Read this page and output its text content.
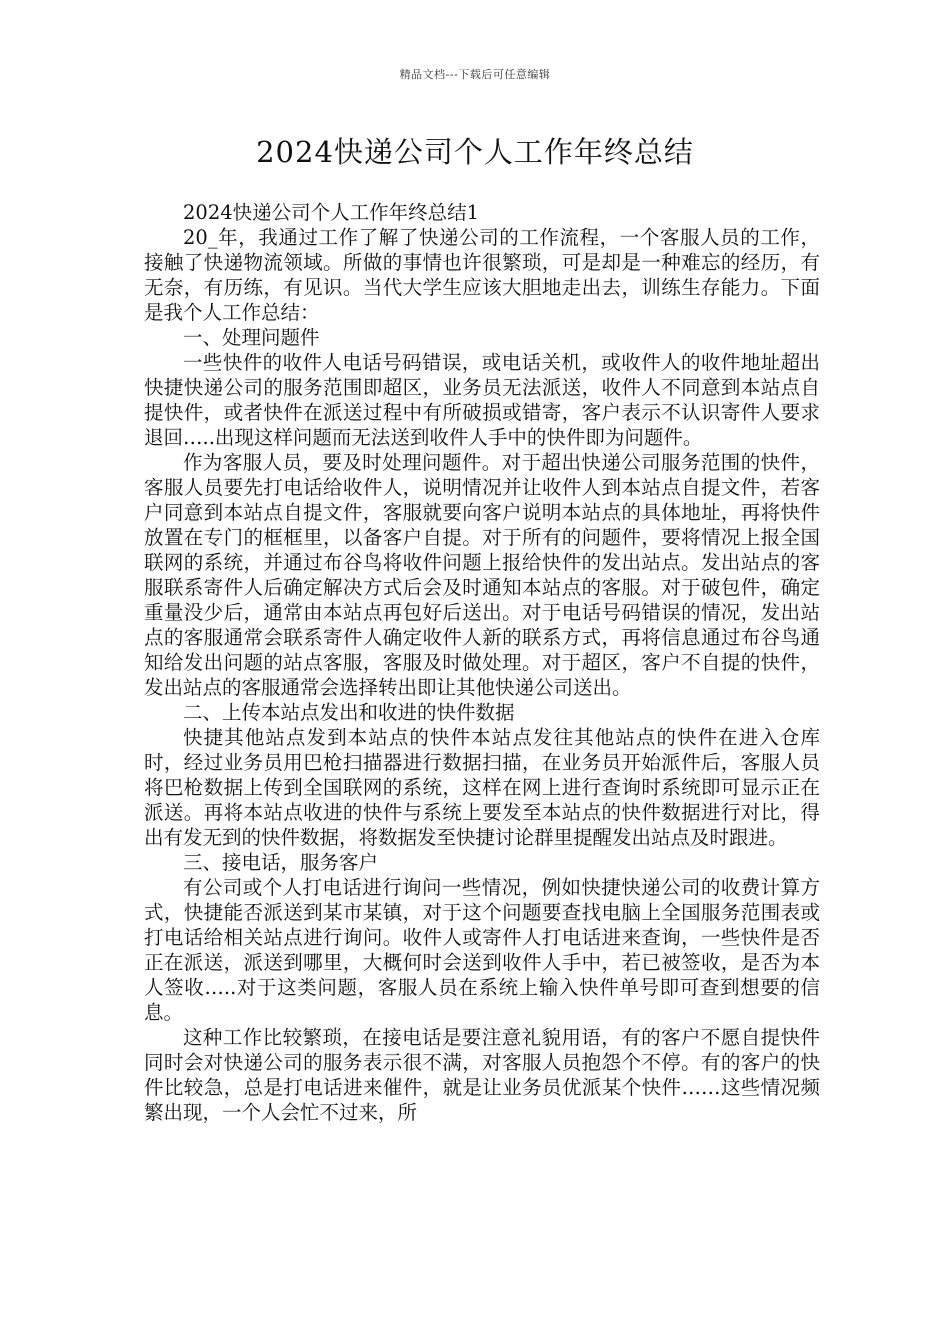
精品文档---下载后可任意编辑
2024快递公司个人工作年终总结

2024快递公司个人工作年终总结1

20_年，我通过工作了解了快递公司的工作流程，一个客服人员的工作，接触了快递物流领域。所做的事情也许很繁琐，可是却是一种难忘的经历，有无奈，有历练，有见识。当代大学生应该大胆地走出去，训练生存能力。下面是我个人工作总结：

一、处理问题件

一些快件的收件人电话号码错误，或电话关机，或收件人的收件地址超出快捷快递公司的服务范围即超区，业务员无法派送，收件人不同意到本站点自提快件，或者快件在派送过程中有所破损或错寄，客户表示不认识寄件人要求退回…..出现这样问题而无法送到收件人手中的快件即为问题件。

作为客服人员，要及时处理问题件。对于超出快递公司服务范围的快件，客服人员要先打电话给收件人，说明情况并让收件人到本站点自提文件，若客户同意到本站点自提文件，客服就要向客户说明本站点的具体地址，再将快件放置在专门的框框里，以备客户自提。对于所有的问题件，要将情况上报全国联网的系统，并通过布谷鸟将收件问题上报给快件的发出站点。发出站点的客服联系寄件人后确定解决方式后会及时通知本站点的客服。对于破包件，确定重量没少后，通常由本站点再包好后送出。对于电话号码错误的情况，发出站点的客服通常会联系寄件人确定收件人新的联系方式，再将信息通过布谷鸟通知给发出问题的站点客服，客服及时做处理。对于超区，客户不自提的快件，发出站点的客服通常会选择转出即让其他快递公司送出。

二、上传本站点发出和收进的快件数据

快捷其他站点发到本站点的快件本站点发往其他站点的快件在进入仓库时，经过业务员用巴枪扫描器进行数据扫描，在业务员开始派件后，客服人员将巴枪数据上传到全国联网的系统，这样在网上进行查询时系统即可显示正在派送。再将本站点收进的快件与系统上要发至本站点的快件数据进行对比，得出有发无到的快件数据，将数据发至快捷讨论群里提醒发出站点及时跟进。

三、接电话，服务客户

有公司或个人打电话进行询问一些情况，例如快捷快递公司的收费计算方式，快捷能否派送到某市某镇，对于这个问题要查找电脑上全国服务范围表或打电话给相关站点进行询问。收件人或寄件人打电话进来查询，一些快件是否正在派送，派送到哪里，大概何时会送到收件人手中，若已被签收，是否为本人签收…..对于这类问题，客服人员在系统上输入快件单号即可查到想要的信息。

这种工作比较繁琐，在接电话是要注意礼貌用语，有的客户不愿自提快件同时会对快递公司的服务表示很不满，对客服人员抱怨个不停。有的客户的快件比较急，总是打电话进来催件，就是让业务员优派某个快件……这些情况频繁出现，一个人会忙不过来，所
